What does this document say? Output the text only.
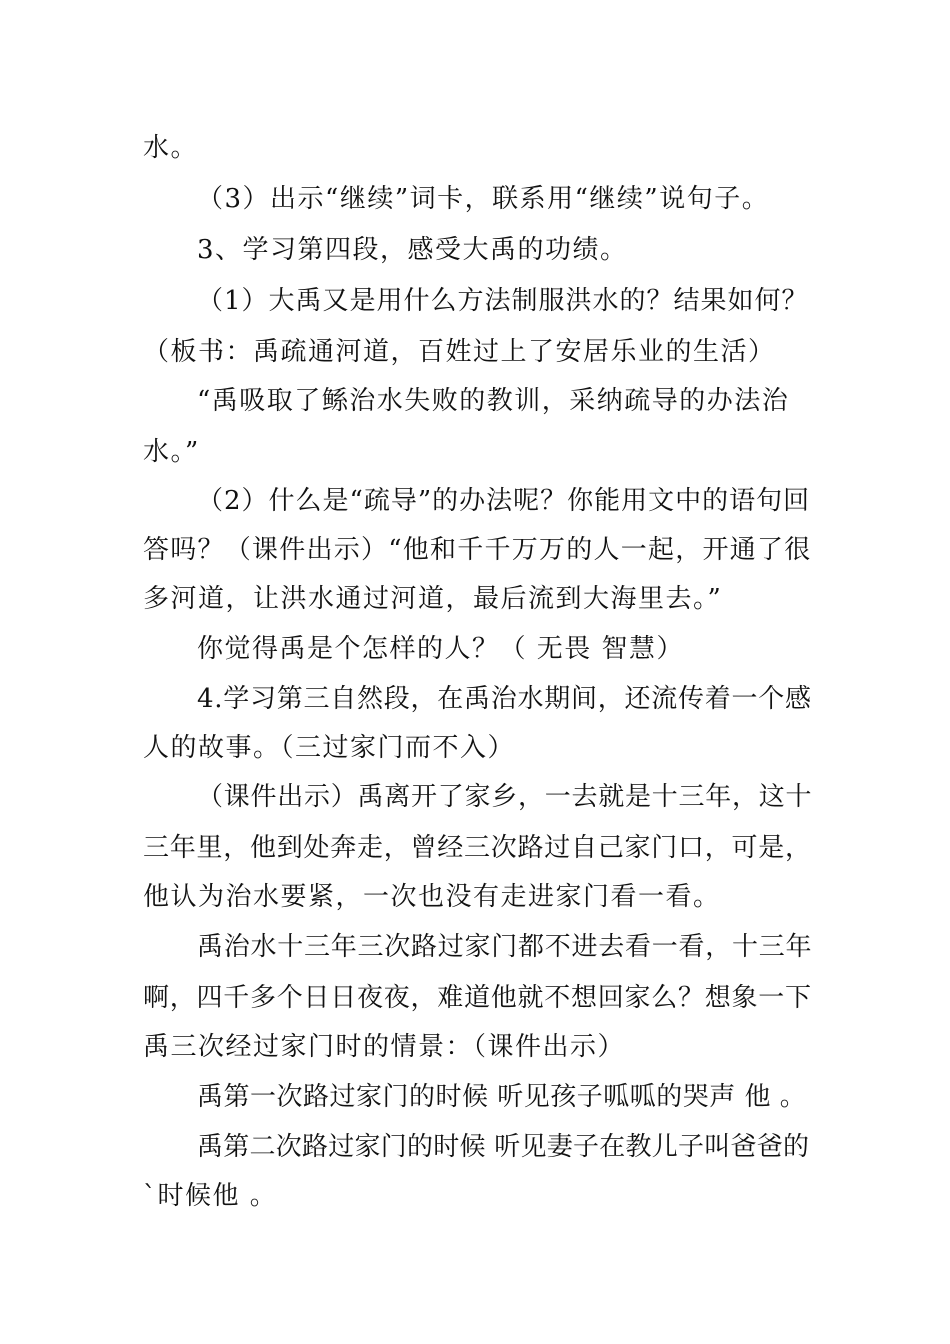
水。
（3）出示“继续”词卡，联系用“继续”说句子。
3、学习第四段，感受大禹的功绩。
（1）大禹又是用什么方法制服洪水的？结果如何？
（板书：禹疏通河道，百姓过上了安居乐业的生活）
“禹吸取了鲧治水失败的教训，采纳疏导的办法治
水。”
（2）什么是“疏导”的办法呢？你能用文中的语句回
答吗？（课件出示）“他和千千万万的人一起，开通了很
多河道，让洪水通过河道，最后流到大海里去。”
你觉得禹是个怎样的人？（ 无畏 智慧）
4.学习第三自然段，在禹治水期间，还流传着一个感
人的故事。（三过家门而不入）
（课件出示）禹离开了家乡，一去就是十三年，这十
三年里，他到处奔走，曾经三次路过自己家门口，可是，
他认为治水要紧，一次也没有走进家门看一看。
禹治水十三年三次路过家门都不进去看一看，十三年
啊，四千多个日日夜夜，难道他就不想回家么？想象一下
禹三次经过家门时的情景：（课件出示）
禹第一次路过家门的时候 听见孩子呱呱的哭声 他 。
禹第二次路过家门的时候 听见妻子在教儿子叫爸爸的
`时候他 。
